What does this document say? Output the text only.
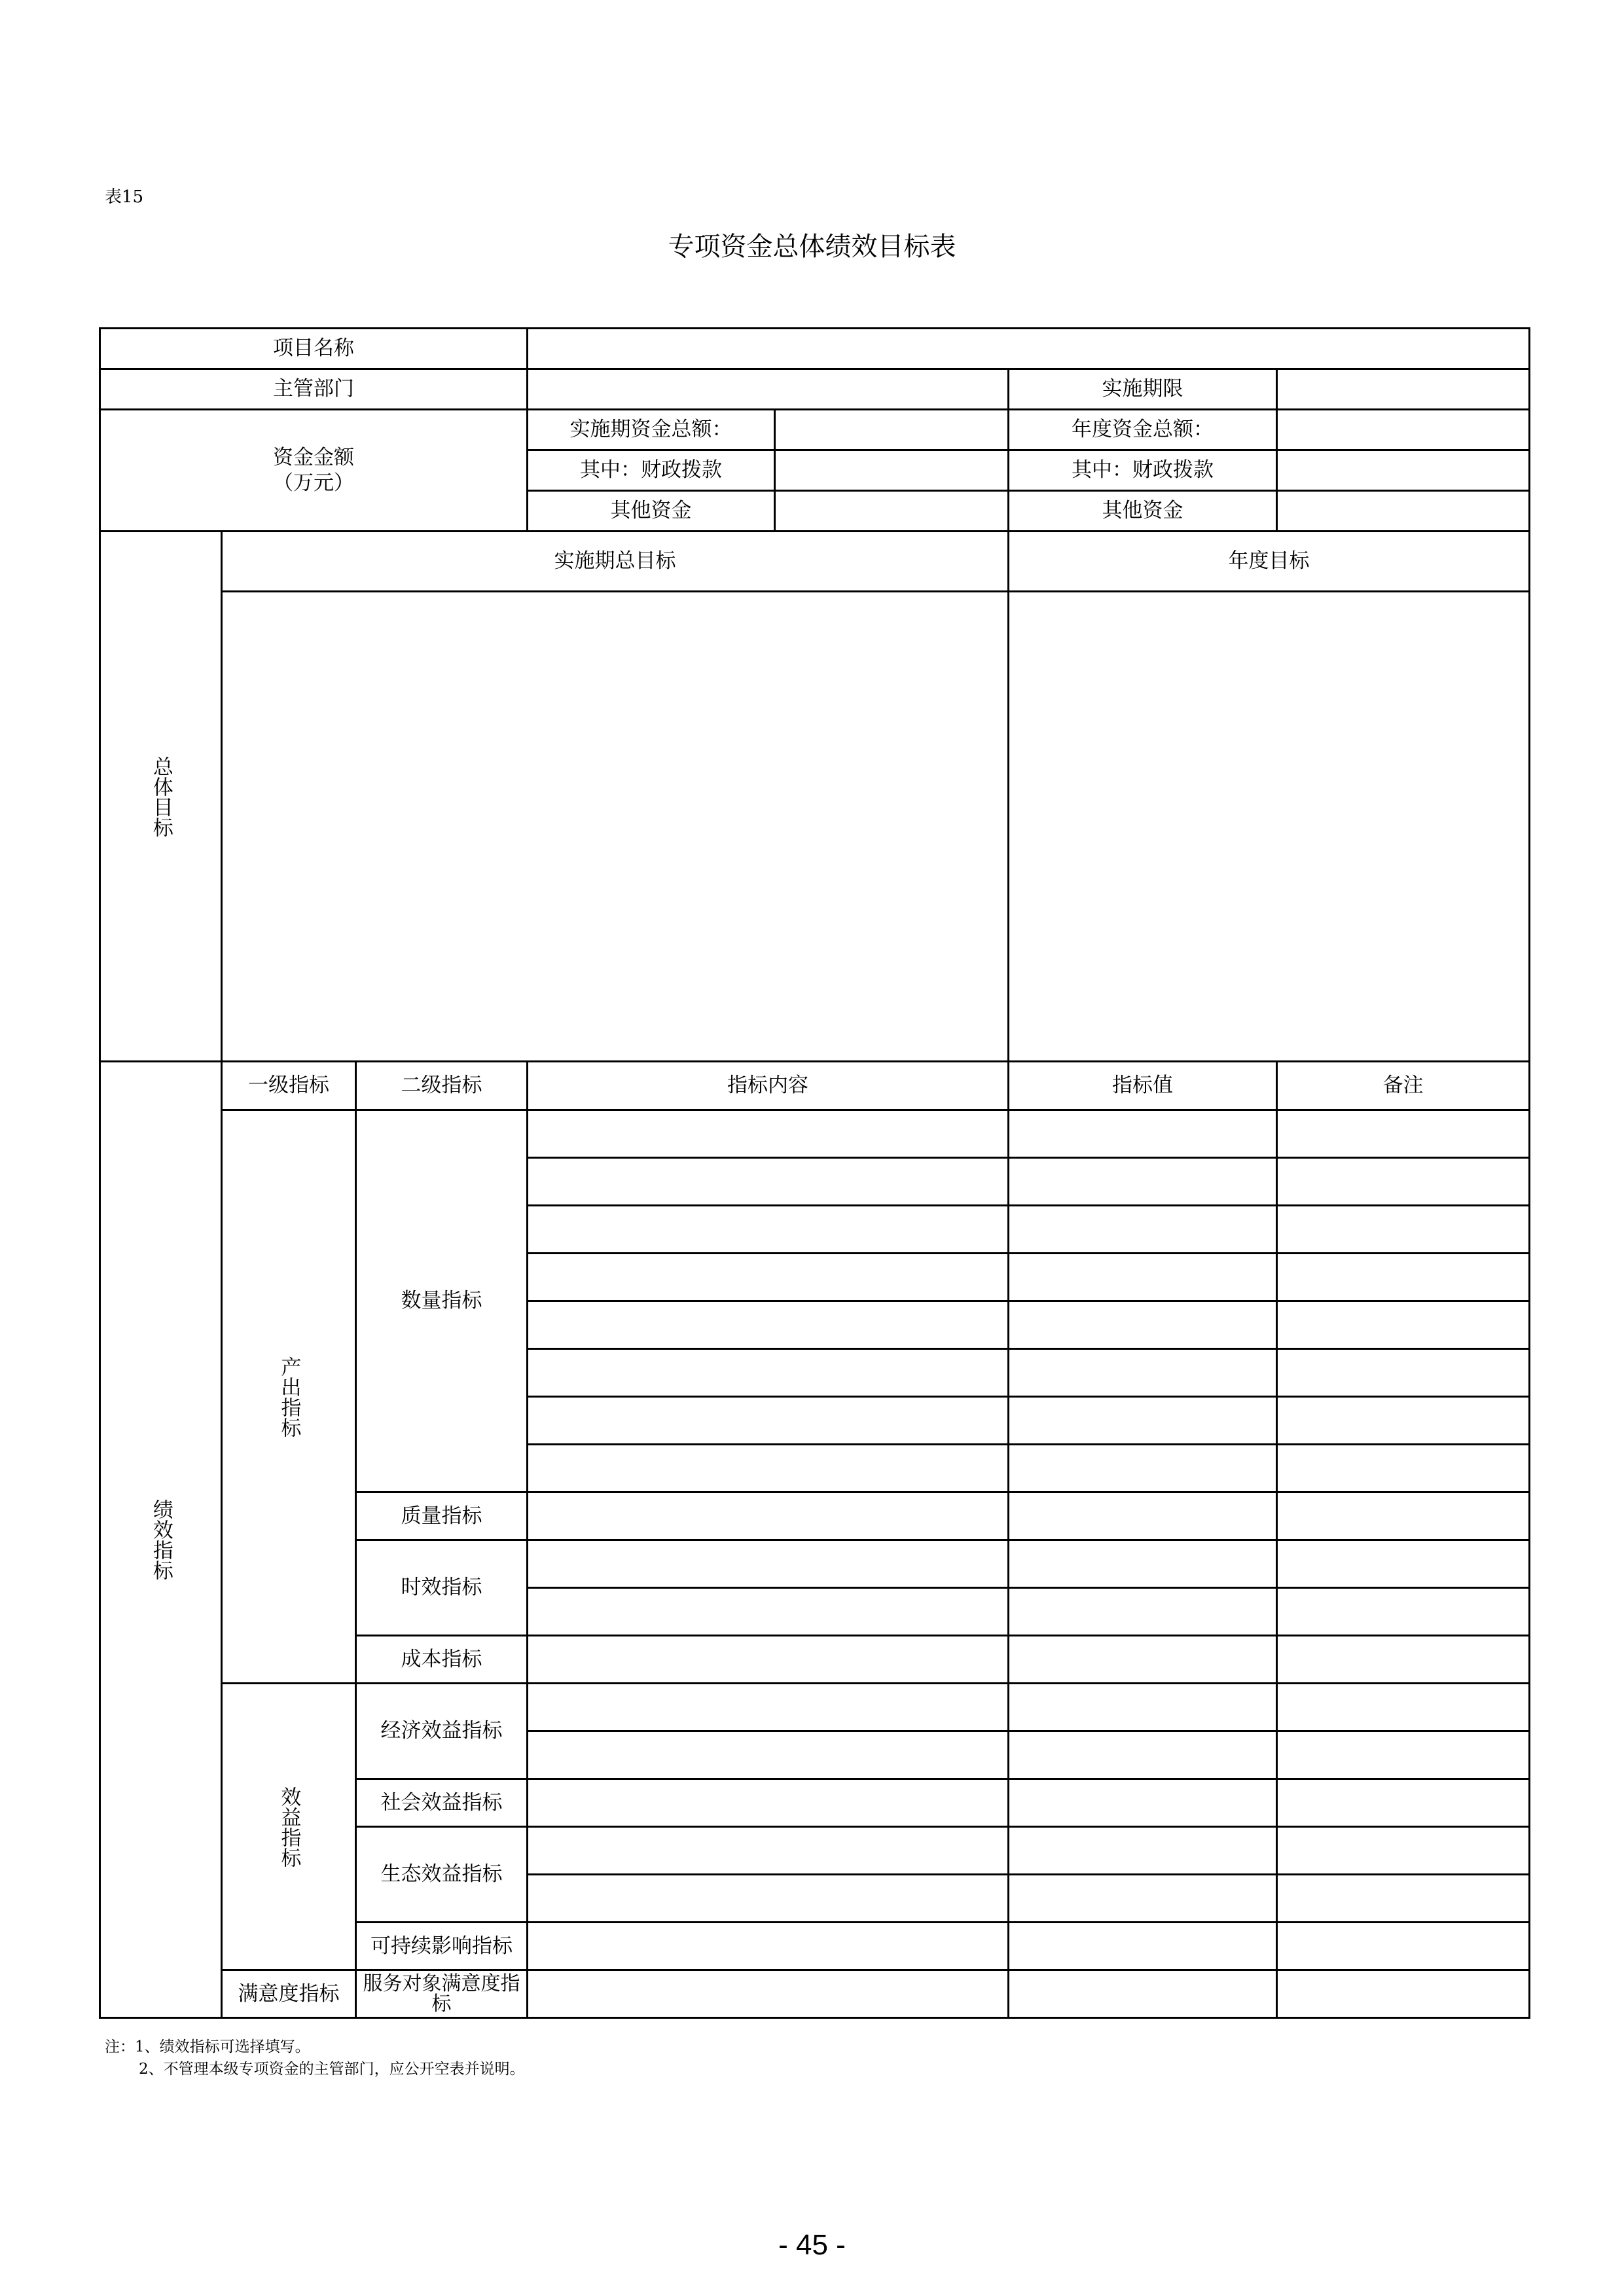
表15
专项资金总体绩效目标表
项目名称						
主管部门					实施期限	

资金金额
（万元）			实施期资金总额：		年度资金总额：	
			其中：财政拨款		其中：财政拨款	
			其他资金		其他资金	
总体目标	实施期总目标				年度目标	

绩效指标	一级指标	二级指标	指标内容		指标值	备注
	产出指标	数量指标				

		质量指标				
		时效指标				

		成本指标				
	效益指标	经济效益指标				

		社会效益指标				
		生态效益指标				

		可持续影响指标				
	满意度指标	服务对象满意度指标				
注：1、绩效指标可选择填写。
2、不管理本级专项资金的主管部门，应公开空表并说明。
- 45 -
